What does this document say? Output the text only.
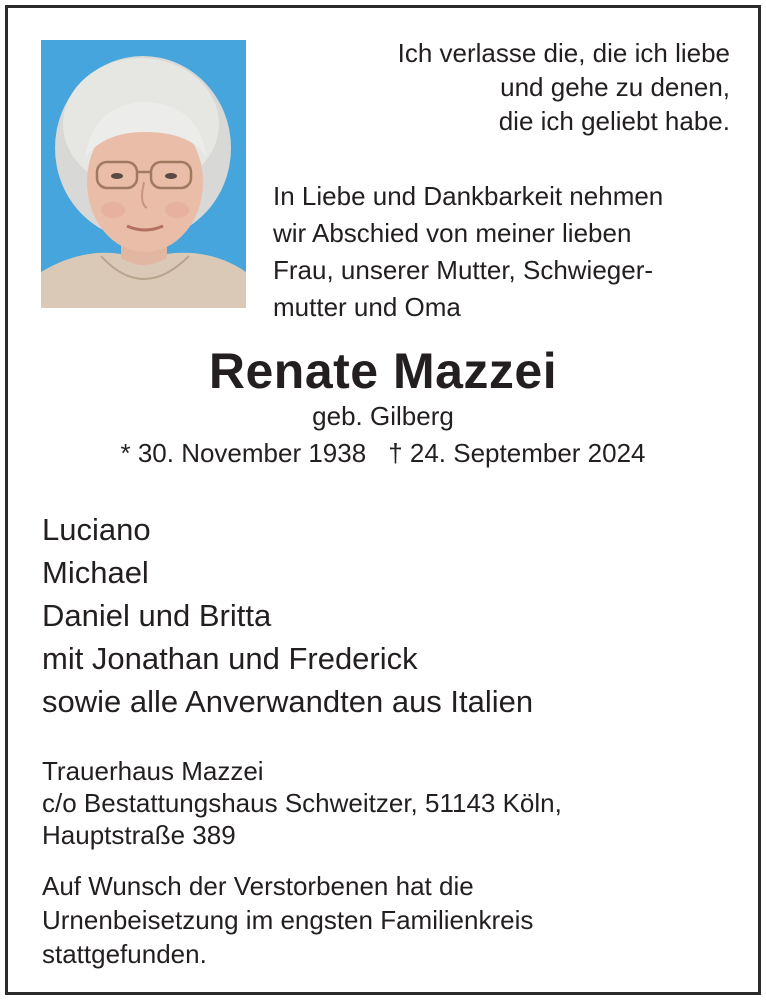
Ich verlasse die, die ich liebe
und gehe zu denen,
die ich geliebt habe.
In Liebe und Dankbarkeit nehmen
wir Abschied von meiner lieben
Frau, unserer Mutter, Schwieger-
mutter und Oma
Renate Mazzei
geb. Gilberg
* 30. November 1938 † 24. September 2024
Luciano
Michael
Daniel und Britta
mit Jonathan und Frederick
sowie alle Anverwandten aus Italien
Trauerhaus Mazzei
c/o Bestattungshaus Schweitzer, 51143 Köln,
Hauptstraße 389
Auf Wunsch der Verstorbenen hat die
Urnenbeisetzung im engsten Familienkreis
stattgefunden.
